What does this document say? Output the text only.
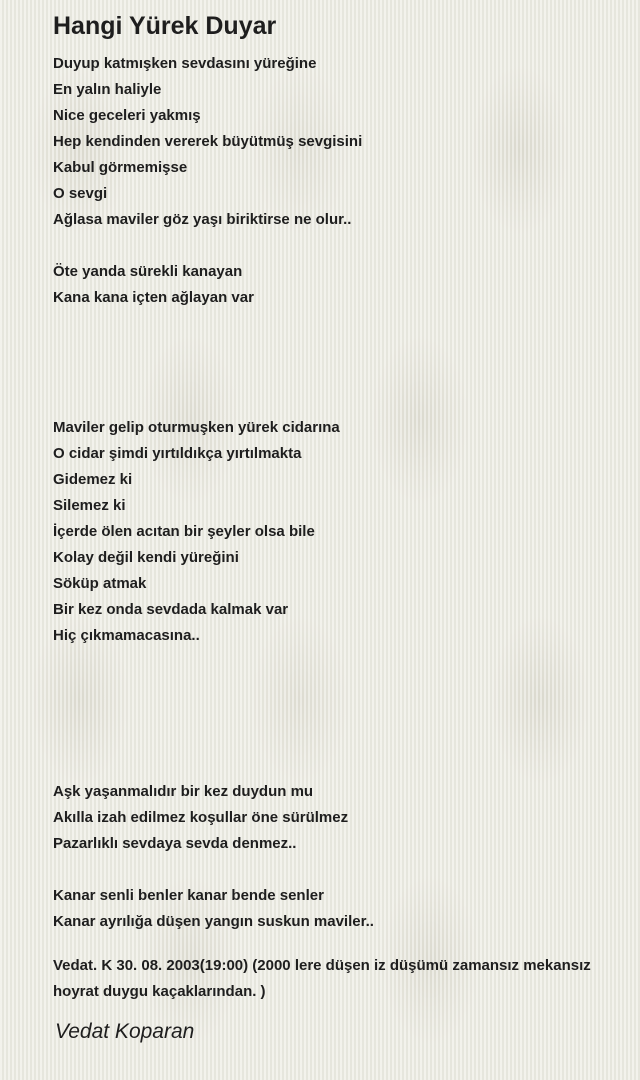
Hangi Yürek Duyar
Duyup katmışken sevdasını yüreğine
En yalın haliyle
Nice geceleri yakmış
Hep kendinden vererek büyütmüş sevgisini
Kabul görmemişse
O sevgi
Ağlasa maviler göz yaşı biriktirse ne olur..
Öte yanda sürekli kanayan
Kana kana içten ağlayan var
Maviler gelip oturmuşken yürek cidarına
O cidar şimdi yırtıldıkça yırtılmakta
Gidemez ki
Silemez ki
İçerde ölen acıtan bir şeyler olsa bile
Kolay değil kendi yüreğini
Söküp atmak
Bir kez onda sevdada kalmak var
Hiç çıkmamacasına..
Aşk yaşanmalıdır bir kez duydun mu
Akılla izah edilmez koşullar öne sürülmez
Pazarlıklı sevdaya sevda denmez..
Kanar senli benler kanar bende senler
Kanar ayrılığa düşen yangın suskun maviler..
Vedat. K 30. 08. 2003(19:00) (2000 lere düşen iz düşümü zamansız mekansız hoyrat duygu kaçaklarından. )
Vedat Koparan
